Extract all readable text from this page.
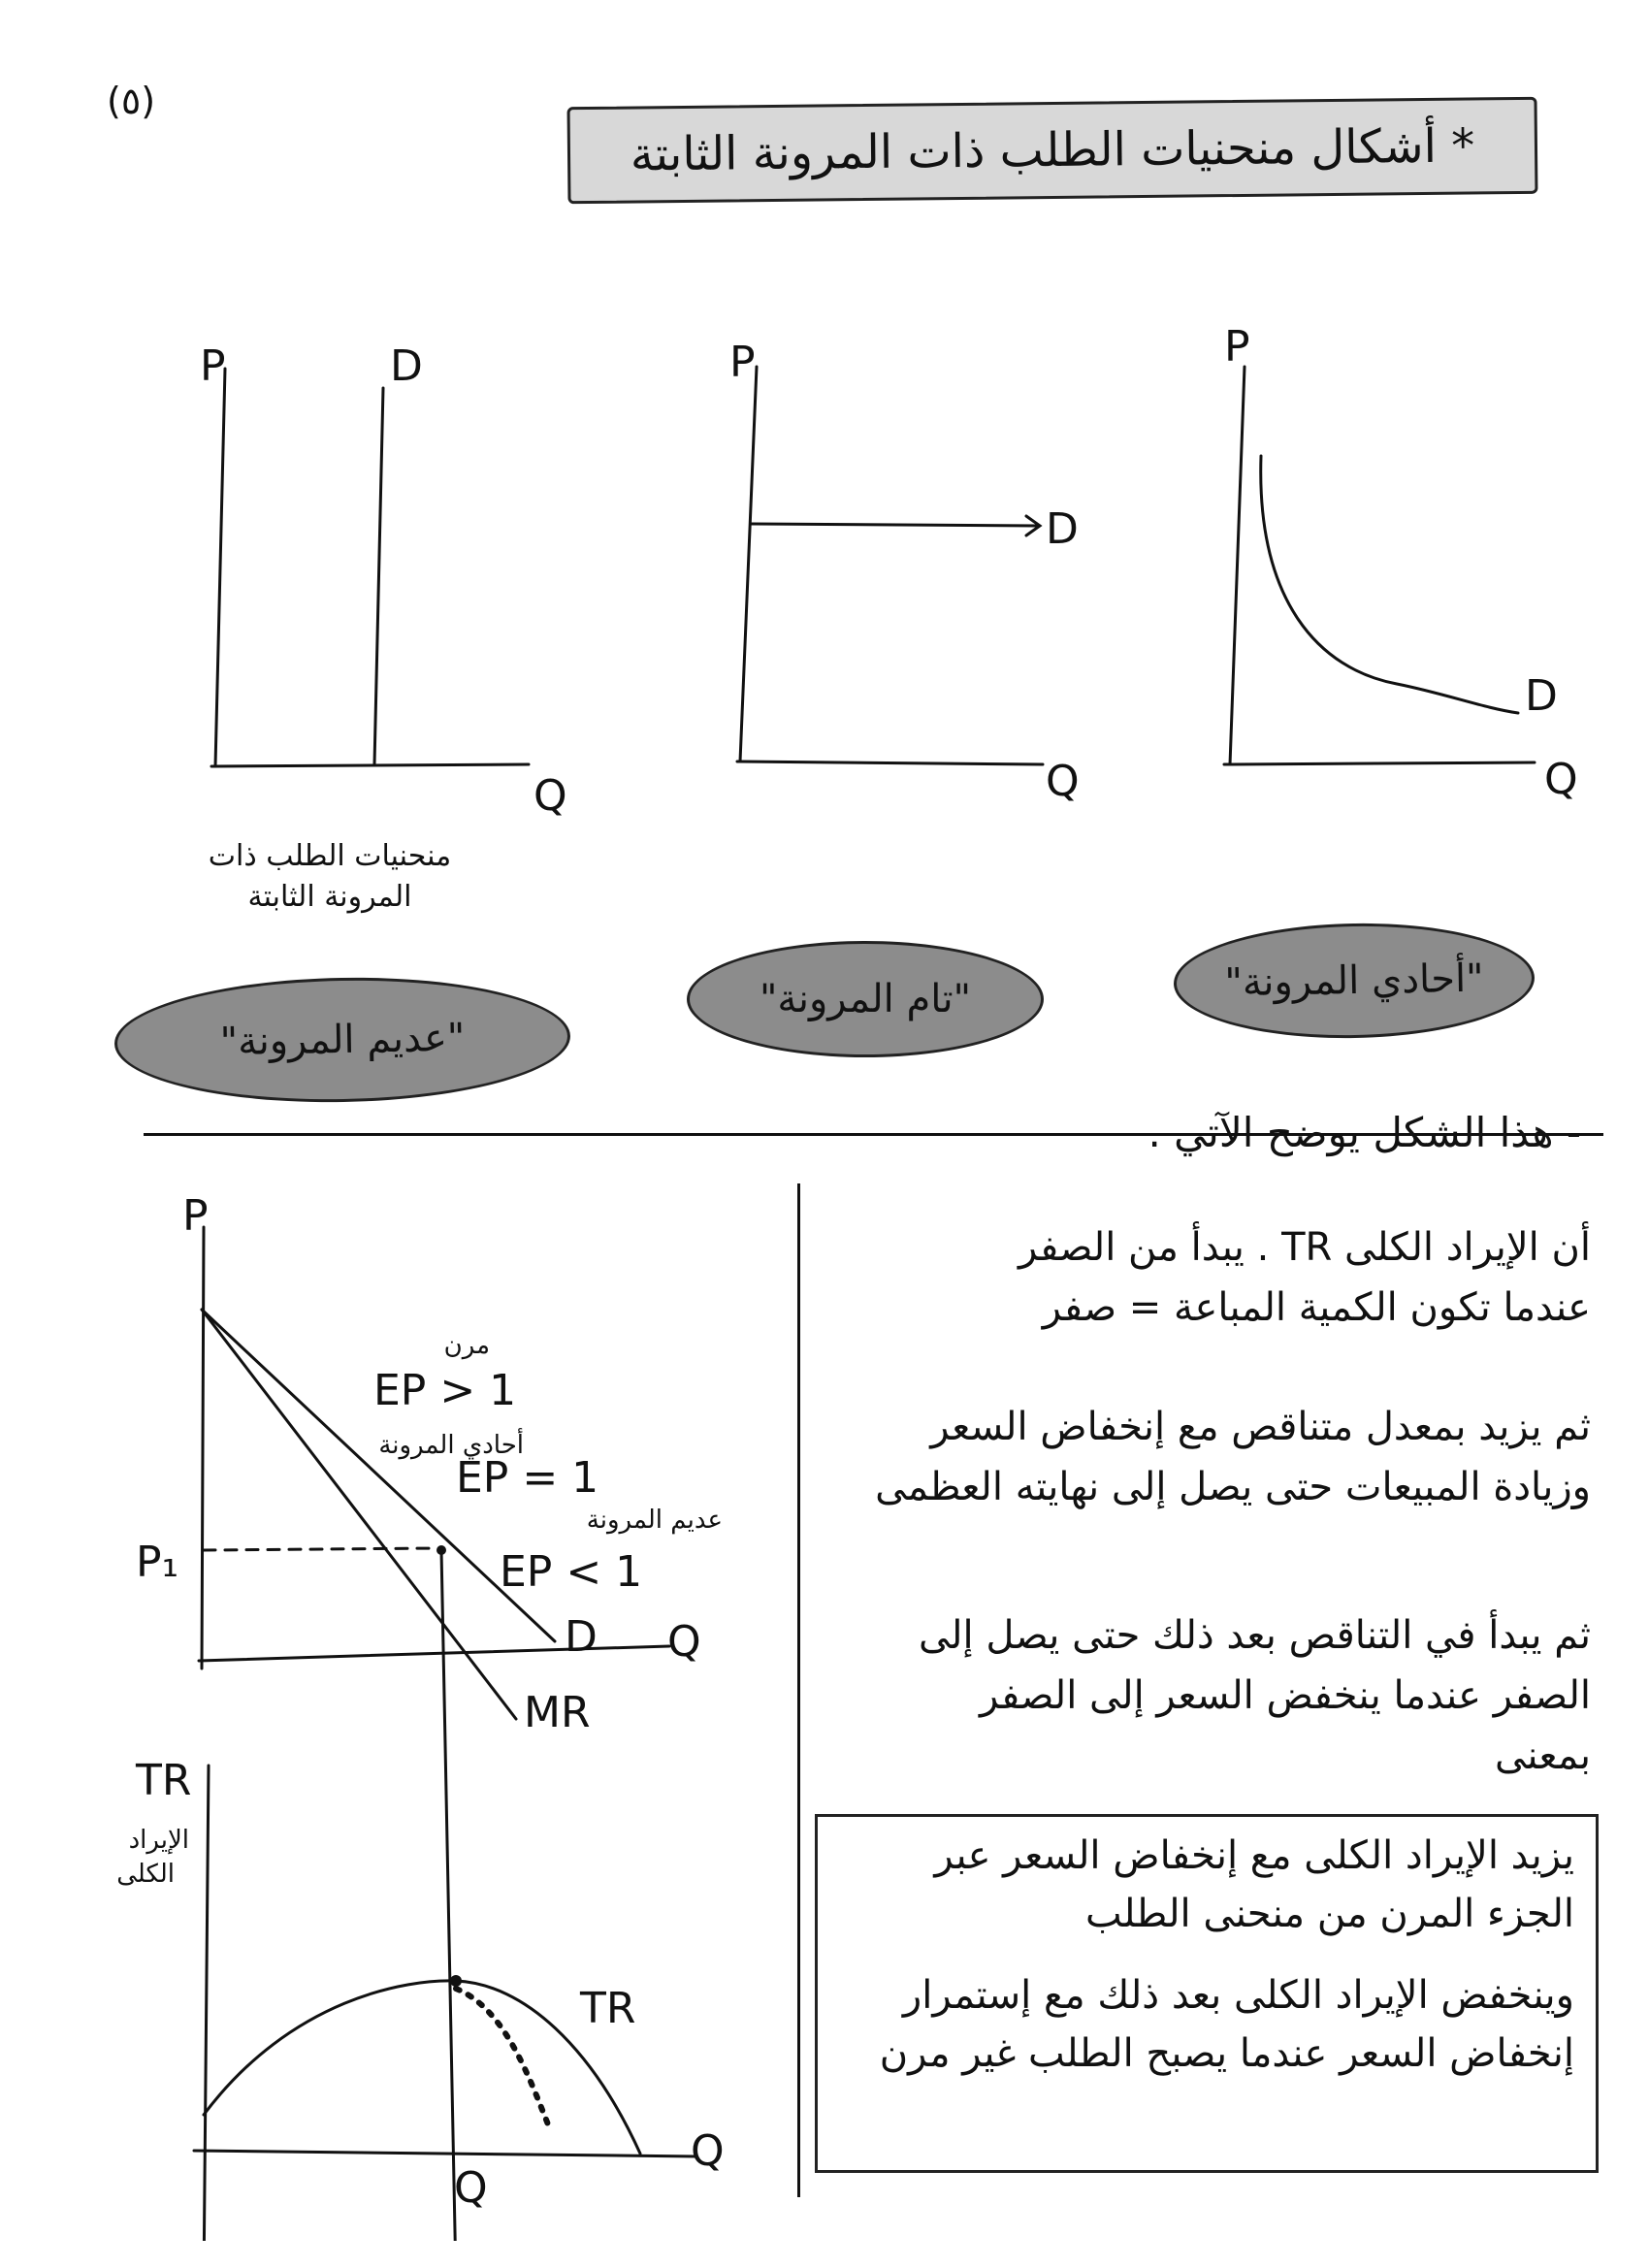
(٥)
* أشكال منحنيات الطلب ذات المرونة الثابتة
P	D
Q
P
D
Q
P
D
Q
منحنيات الطلب ذات
المرونة الثابتة
"عديم المرونة"
"تام المرونة"	"أحادي المرونة"
P
P₁
Q
D
MR
مرن
EP > 1
أحادي المرونة
EP = 1
عديم المرونة
EP < 1
TR
الإيراد
الكلى
TR
Q
Q
- هذا الشكل يوضح الآتي .
أن الإيراد الكلى TR . يبدأ من الصفر
عندما تكون الكمية المباعة = صفر
ثم يزيد بمعدل متناقص مع إنخفاض السعر
وزيادة المبيعات حتى يصل إلى نهايته العظمى
ثم يبدأ في التناقص بعد ذلك حتى يصل إلى
الصفر عندما ينخفض السعر إلى الصفر
بمعنى

يزيد الإيراد الكلى مع إنخفاض السعر عبر

الجزء المرن من منحنى الطلب

وينخفض الإيراد الكلى بعد ذلك مع إستمرار

إنخفاض السعر عندما يصبح الطلب غير مرن
